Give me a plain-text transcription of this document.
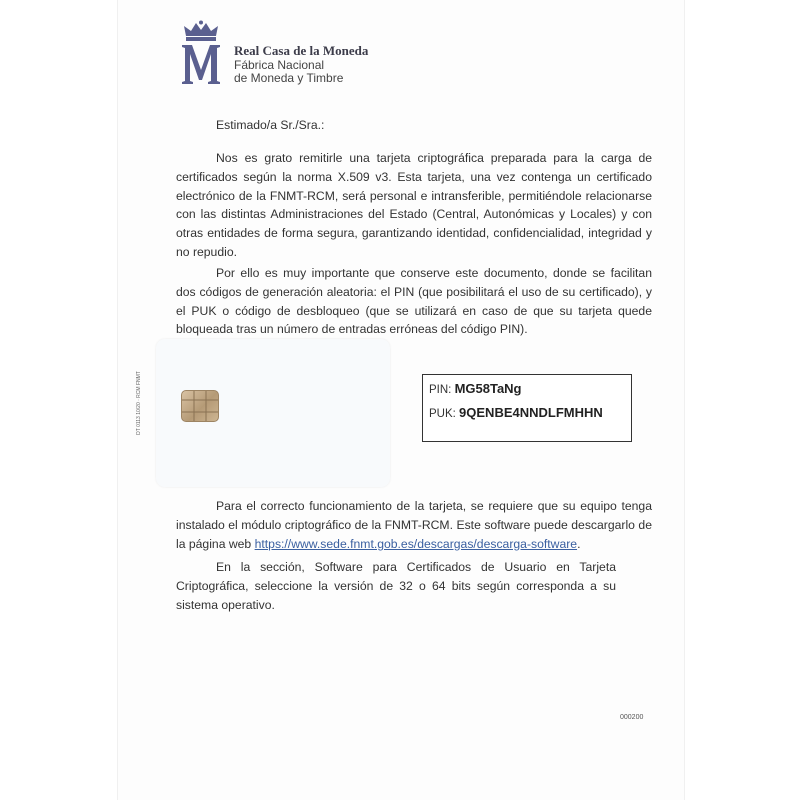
Real Casa de la Moneda
Fábrica Nacional
de Moneda y Timbre
Estimado/a Sr./Sra.:
Nos es grato remitirle una tarjeta criptográfica preparada para la carga de certificados según la norma X.509 v3. Esta tarjeta, una vez contenga un certificado electrónico de la FNMT-RCM, será personal e intransferible, permitiéndole relacionarse con las distintas Administraciones del Estado (Central, Autonómicas y Locales) y con otras entidades de forma segura, garantizando identidad, confidencialidad, integridad y no repudio.
Por ello es muy importante que conserve este documento, donde se facilitan dos códigos de generación aleatoria: el PIN (que posibilitará el uso de su certificado), y el PUK o código de desbloqueo (que se utilizará en caso de que su tarjeta quede bloqueada tras un número de entradas erróneas del código PIN).
DT 0113 10/20 · RCM FNMT	PIN: MG58TaNg
PUK: 9QENBE4NNDLFMHHN
Para el correcto funcionamiento de la tarjeta, se requiere que su equipo tenga instalado el módulo criptográfico de la FNMT-RCM. Este software puede descargarlo de la página web https://www.sede.fnmt.gob.es/descargas/descarga-software.
En la sección, Software para Certificados de Usuario en Tarjeta Criptográfica, seleccione la versión de 32 o 64 bits según corresponda a su sistema operativo.
000200
